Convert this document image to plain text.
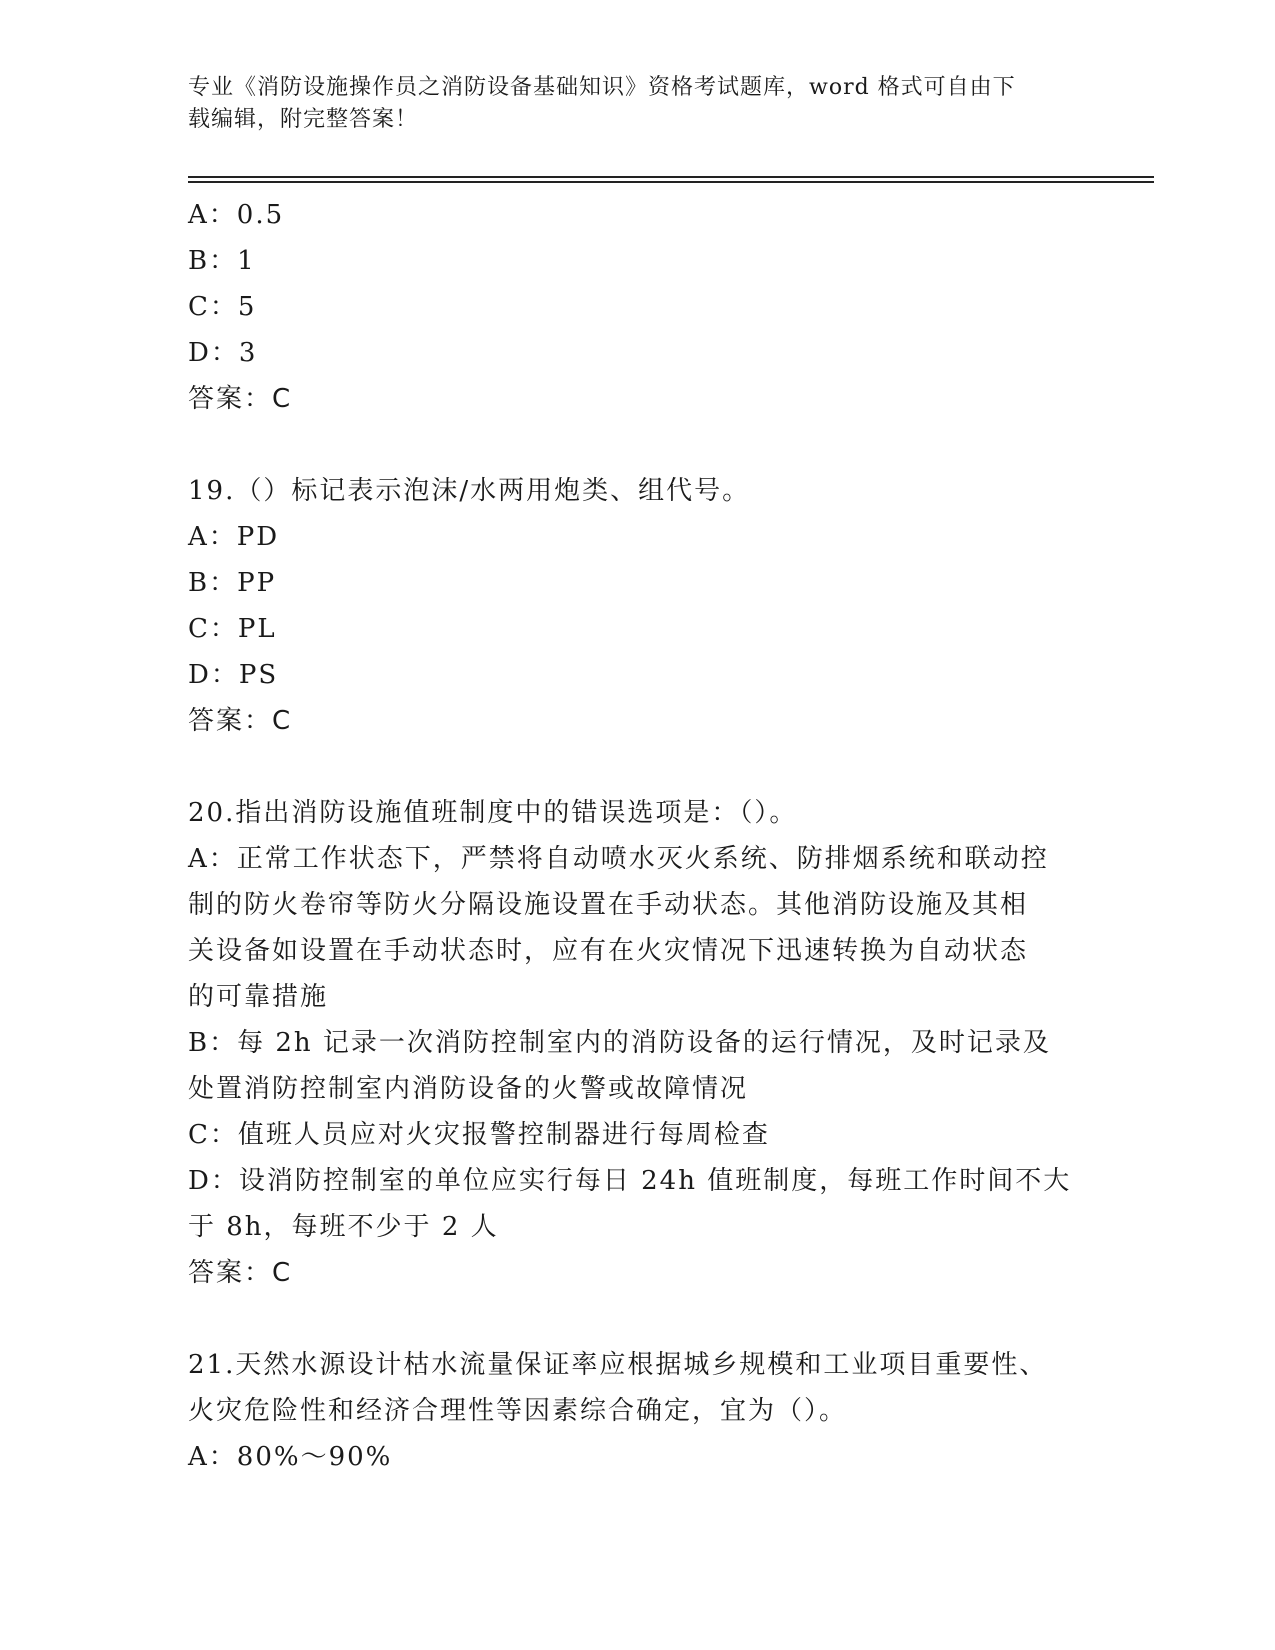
专业《消防设施操作员之消防设备基础知识》资格考试题库，word 格式可自由下
载编辑，附完整答案！
A：0.5
B：1
C：5
D：3
答案：C
19.（）标记表示泡沫/水两用炮类、组代号。
A：PD
B：PP
C：PL
D：PS
答案：C
20.指出消防设施值班制度中的错误选项是：（）。
A：正常工作状态下，严禁将自动喷水灭火系统、防排烟系统和联动控
制的防火卷帘等防火分隔设施设置在手动状态。其他消防设施及其相
关设备如设置在手动状态时，应有在火灾情况下迅速转换为自动状态
的可靠措施
B：每 2h 记录一次消防控制室内的消防设备的运行情况，及时记录及
处置消防控制室内消防设备的火警或故障情况
C：值班人员应对火灾报警控制器进行每周检查
D：设消防控制室的单位应实行每日 24h 值班制度，每班工作时间不大
于 8h，每班不少于 2 人
答案：C
21.天然水源设计枯水流量保证率应根据城乡规模和工业项目重要性、
火灾危险性和经济合理性等因素综合确定，宜为（）。
A：80%～90%
